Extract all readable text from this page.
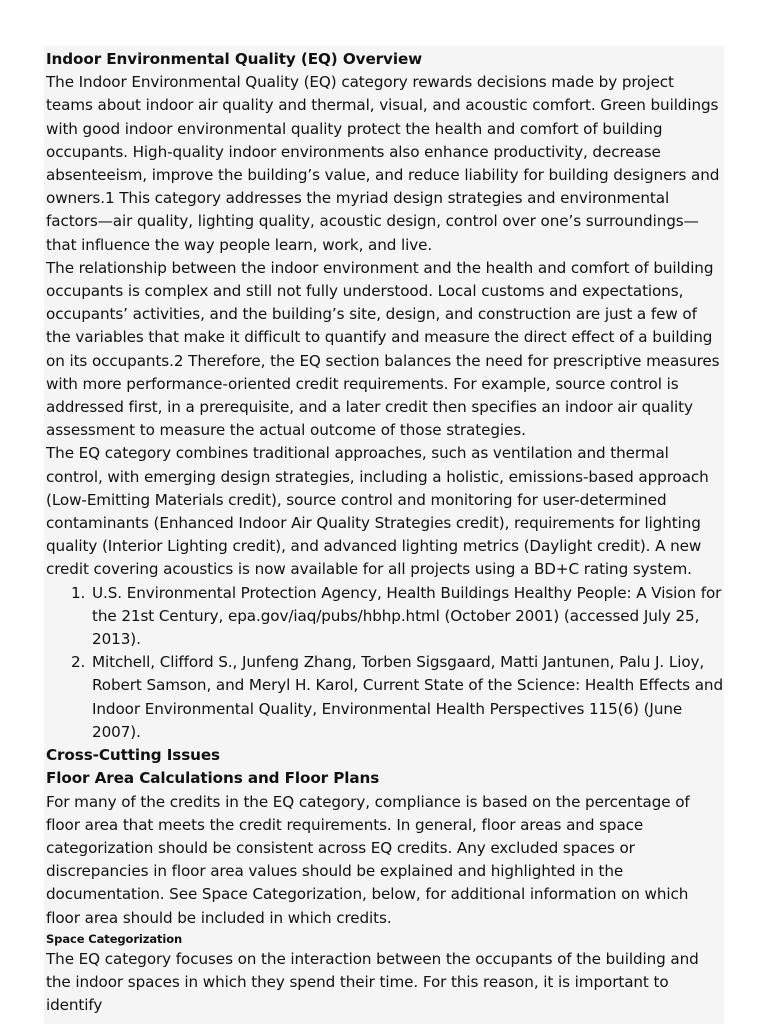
Indoor Environmental Quality (EQ) Overview

The Indoor Environmental Quality (EQ) category rewards decisions made by project teams about indoor air quality and thermal, visual, and acoustic comfort. Green buildings with good indoor environmental quality protect the health and comfort of building occupants. High-quality indoor environments also enhance productivity, decrease absenteeism, improve the building’s value, and reduce liability for building designers and owners.1 This category addresses the myriad design strategies and environmental factors—air quality, lighting quality, acoustic design, control over one’s surroundings—that influence the way people learn, work, and live.

The relationship between the indoor environment and the health and comfort of building occupants is complex and still not fully understood. Local customs and expectations, occupants’ activities, and the building’s site, design, and construction are just a few of the variables that make it difficult to quantify and measure the direct effect of a building on its occupants.2 Therefore, the EQ section balances the need for prescriptive measures with more performance-oriented credit requirements. For example, source control is addressed first, in a prerequisite, and a later credit then specifies an indoor air quality assessment to measure the actual outcome of those strategies.

The EQ category combines traditional approaches, such as ventilation and thermal control, with emerging design strategies, including a holistic, emissions-based approach (Low-Emitting Materials credit), source control and monitoring for user-determined contaminants (Enhanced Indoor Air Quality Strategies credit), requirements for lighting quality (Interior Lighting credit), and advanced lighting metrics (Daylight credit). A new credit covering acoustics is now available for all projects using a BD+C rating system.

1. U.S. Environmental Protection Agency, Health Buildings Healthy People: A Vision for the 21st Century, epa.gov/iaq/pubs/hbhp.html (October 2001) (accessed July 25, 2013).
2. Mitchell, Clifford S., Junfeng Zhang, Torben Sigsgaard, Matti Jantunen, Palu J. Lioy, Robert Samson, and Meryl H. Karol, Current State of the Science: Health Effects and Indoor Environmental Quality, Environmental Health Perspectives 115(6) (June 2007).
Cross-Cutting Issues
Floor Area Calculations and Floor Plans

For many of the credits in the EQ category, compliance is based on the percentage of floor area that meets the credit requirements. In general, floor areas and space categorization should be consistent across EQ credits. Any excluded spaces or discrepancies in floor area values should be explained and highlighted in the documentation. See Space Categorization, below, for additional information on which floor area should be included in which credits.

Space Categorization

The EQ category focuses on the interaction between the occupants of the building and the indoor spaces in which they spend their time. For this reason, it is important to identify
